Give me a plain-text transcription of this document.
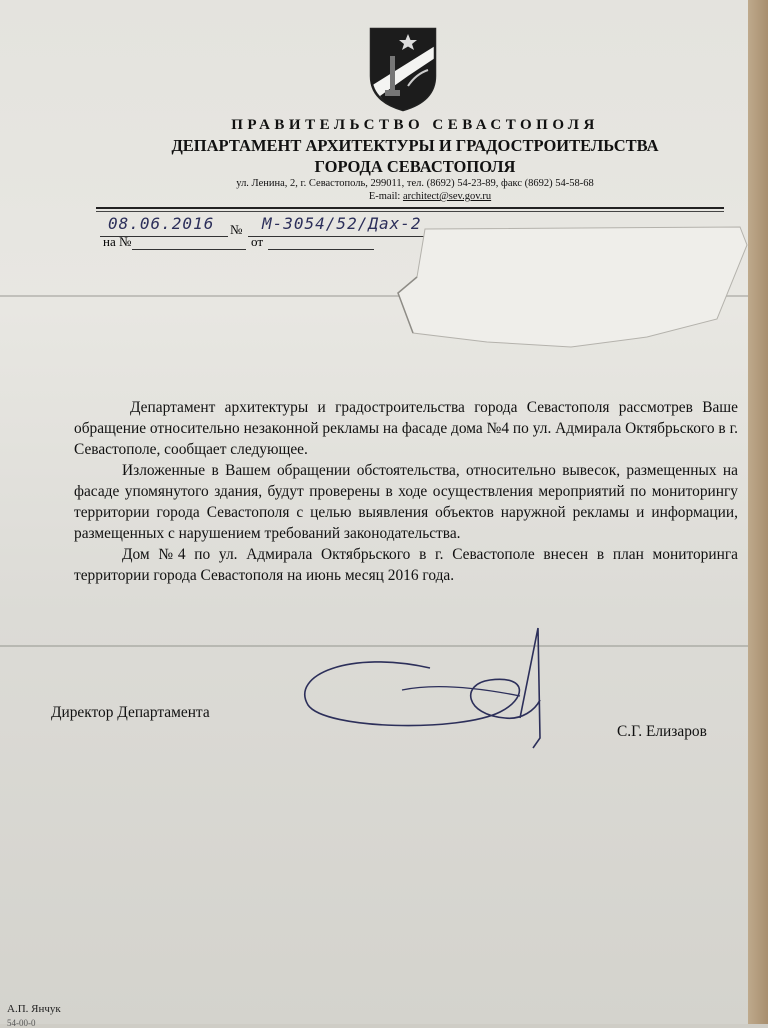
ПРАВИТЕЛЬСТВО СЕВАСТОПОЛЯ
ДЕПАРТАМЕНТ АРХИТЕКТУРЫ И ГРАДОСТРОИТЕЛЬСТВА
ГОРОДА СЕВАСТОПОЛЯ
ул. Ленина, 2, г. Севастополь, 299011, тел. (8692) 54-23-89, факс (8692) 54-58-68
E-mail: architect@sev.gov.ru
08.06.2016 № М-3054/52/Дах-2
на №	от

Департамент архитектуры и градостроительства города Севастополя рассмотрев Ваше обращение относительно незаконной рекламы на фасаде дома №4 по ул. Адмирала Октябрьского в г. Севастополе, сообщает следующее.

Изложенные в Вашем обращении обстоятельства, относительно вывесок, размещенных на фасаде упомянутого здания, будут проверены в ходе осуществления мероприятий по мониторингу территории города Севастополя с целью выявления объектов наружной рекламы и информации, размещенных с нарушением требований законодательства.

Дом №4 по ул. Адмирала Октябрьского в г. Севастополе внесен в план мониторинга территории города Севастополя на июнь месяц 2016 года.

Директор Департамента
С.Г. Елизаров
А.П. Янчук
54-00-0
